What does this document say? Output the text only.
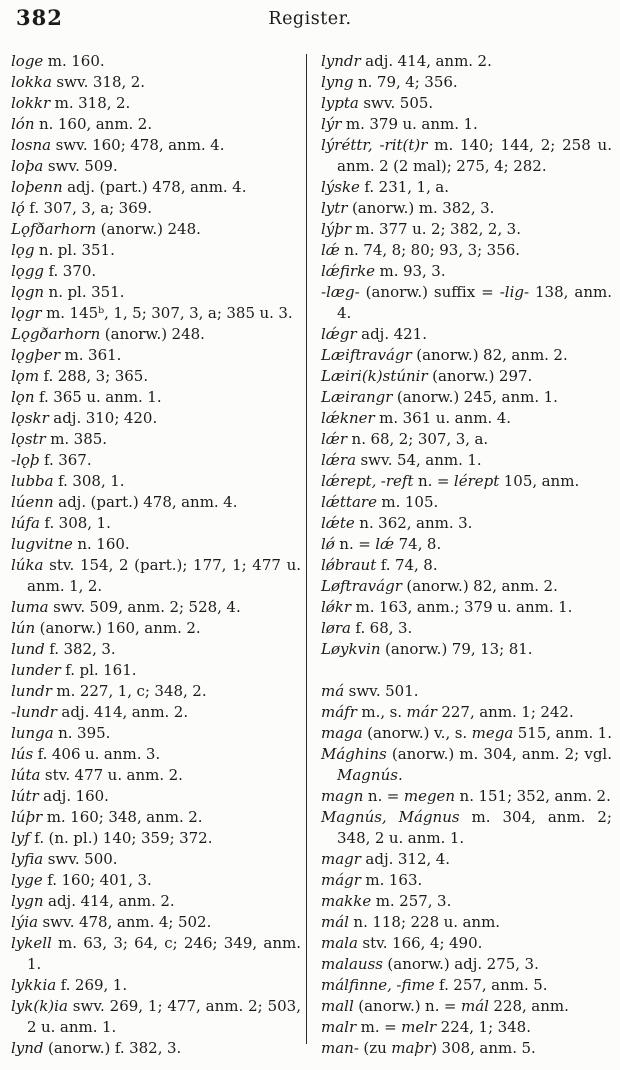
382	Register.
loge m. 160.
lokka swv. 318, 2.
lokkr m. 318, 2.
lón n. 160, anm. 2.
losna swv. 160; 478, anm. 4.
loþa swv. 509.
loþenn adj. (part.) 478, anm. 4.
lǫ́ f. 307, 3, a; 369.
Lǫfðarhorn (anorw.) 248.
lǫg n. pl. 351.
lǫgg f. 370.
lǫgn n. pl. 351.
lǫgr m. 145ᵇ, 1, 5; 307, 3, a; 385 u. 3.
Lǫgðarhorn (anorw.) 248.
lǫgþer m. 361.
lǫm f. 288, 3; 365.
lǫn f. 365 u. anm. 1.
lǫskr adj. 310; 420.
lǫstr m. 385.
-lǫþ f. 367.
lubba f. 308, 1.
lúenn adj. (part.) 478, anm. 4.
lúfa f. 308, 1.
lugvitne n. 160.
lúka stv. 154, 2 (part.); 177, 1; 477 u. anm. 1, 2.
luma swv. 509, anm. 2; 528, 4.
lún (anorw.) 160, anm. 2.
lund f. 382, 3.
lunder f. pl. 161.
lundr m. 227, 1, c; 348, 2.
-lundr adj. 414, anm. 2.
lunga n. 395.
lús f. 406 u. anm. 3.
lúta stv. 477 u. anm. 2.
lútr adj. 160.
lúþr m. 160; 348, anm. 2.
lyf f. (n. pl.) 140; 359; 372.
lyfia swv. 500.
lyge f. 160; 401, 3.
lygn adj. 414, anm. 2.
lýia swv. 478, anm. 4; 502.
lykell m. 63, 3; 64, c; 246; 349, anm. 1.
lykkia f. 269, 1.
lyk(k)ia swv. 269, 1; 477, anm. 2; 503, 2 u. anm. 1.
lynd (anorw.) f. 382, 3.
lyndr adj. 414, anm. 2.
lyng n. 79, 4; 356.
lypta swv. 505.
lýr m. 379 u. anm. 1.
lýréttr, -rit(t)r m. 140; 144, 2; 258 u. anm. 2 (2 mal); 275, 4; 282.
lýske f. 231, 1, a.
lytr (anorw.) m. 382, 3.
lýþr m. 377 u. 2; 382, 2, 3.
lǽ n. 74, 8; 80; 93, 3; 356.
lǽfirke m. 93, 3.
-læg- (anorw.) suffix = -lig- 138, anm. 4.
lǽgr adj. 421.
Læiftravágr (anorw.) 82, anm. 2.
Læiri(k)stúnir (anorw.) 297.
Læirangr (anorw.) 245, anm. 1.
lǽkner m. 361 u. anm. 4.
lǽr n. 68, 2; 307, 3, a.
lǽra swv. 54, anm. 1.
lǽrept, -reft n. = lérept 105, anm.
lǽttare m. 105.
lǽte n. 362, anm. 3.
lǿ n. = lǽ 74, 8.
lǿbraut f. 74, 8.
Løftravágr (anorw.) 82, anm. 2.
lǿkr m. 163, anm.; 379 u. anm. 1.
løra f. 68, 3.
Løykvin (anorw.) 79, 13; 81.
má swv. 501.
máfr m., s. már 227, anm. 1; 242.
maga (anorw.) v., s. mega 515, anm. 1.
Mághins (anorw.) m. 304, anm. 2; vgl. Magnús.
magn n. = megen n. 151; 352, anm. 2.
Magnús, Mágnus m. 304, anm. 2; 348, 2 u. anm. 1.
magr adj. 312, 4.
mágr m. 163.
makke m. 257, 3.
mál n. 118; 228 u. anm.
mala stv. 166, 4; 490.
malauss (anorw.) adj. 275, 3.
málfinne, -fime f. 257, anm. 5.
mall (anorw.) n. = mál 228, anm.
malr m. = melr 224, 1; 348.
man- (zu maþr) 308, anm. 5.
